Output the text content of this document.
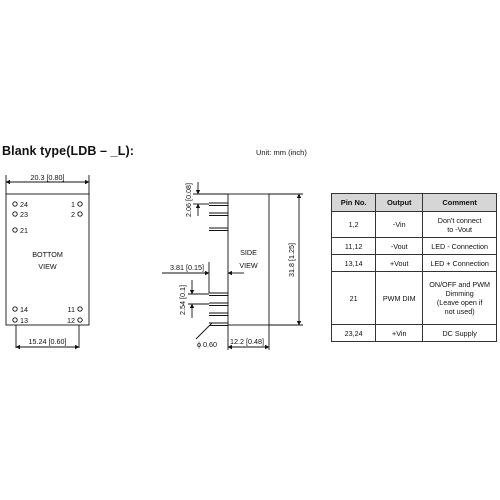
Blank type(LDB – _L):	Unit: mm (inch)
20.3 [0.80]
15.24 [0.60]
BOTTOM
VIEW
24
23
21
14
13
1
2
11
12
SIDE
VIEW
3.81 [0.15]
ϕ 0.60 12.2 [0.48]
2.06 [0.08]
2.54 [0.1]
31.8 [1.25]
Pin No.	Output	Comment
1,2	-Vin	Don't connect
to -Vout
11,12	-Vout	LED - Connection
13,14	+Vout	LED + Connection
21	PWM DIM	ON/OFF and PWM
Dimming
(Leave open if
not used)
23,24	+Vin	DC Supply
